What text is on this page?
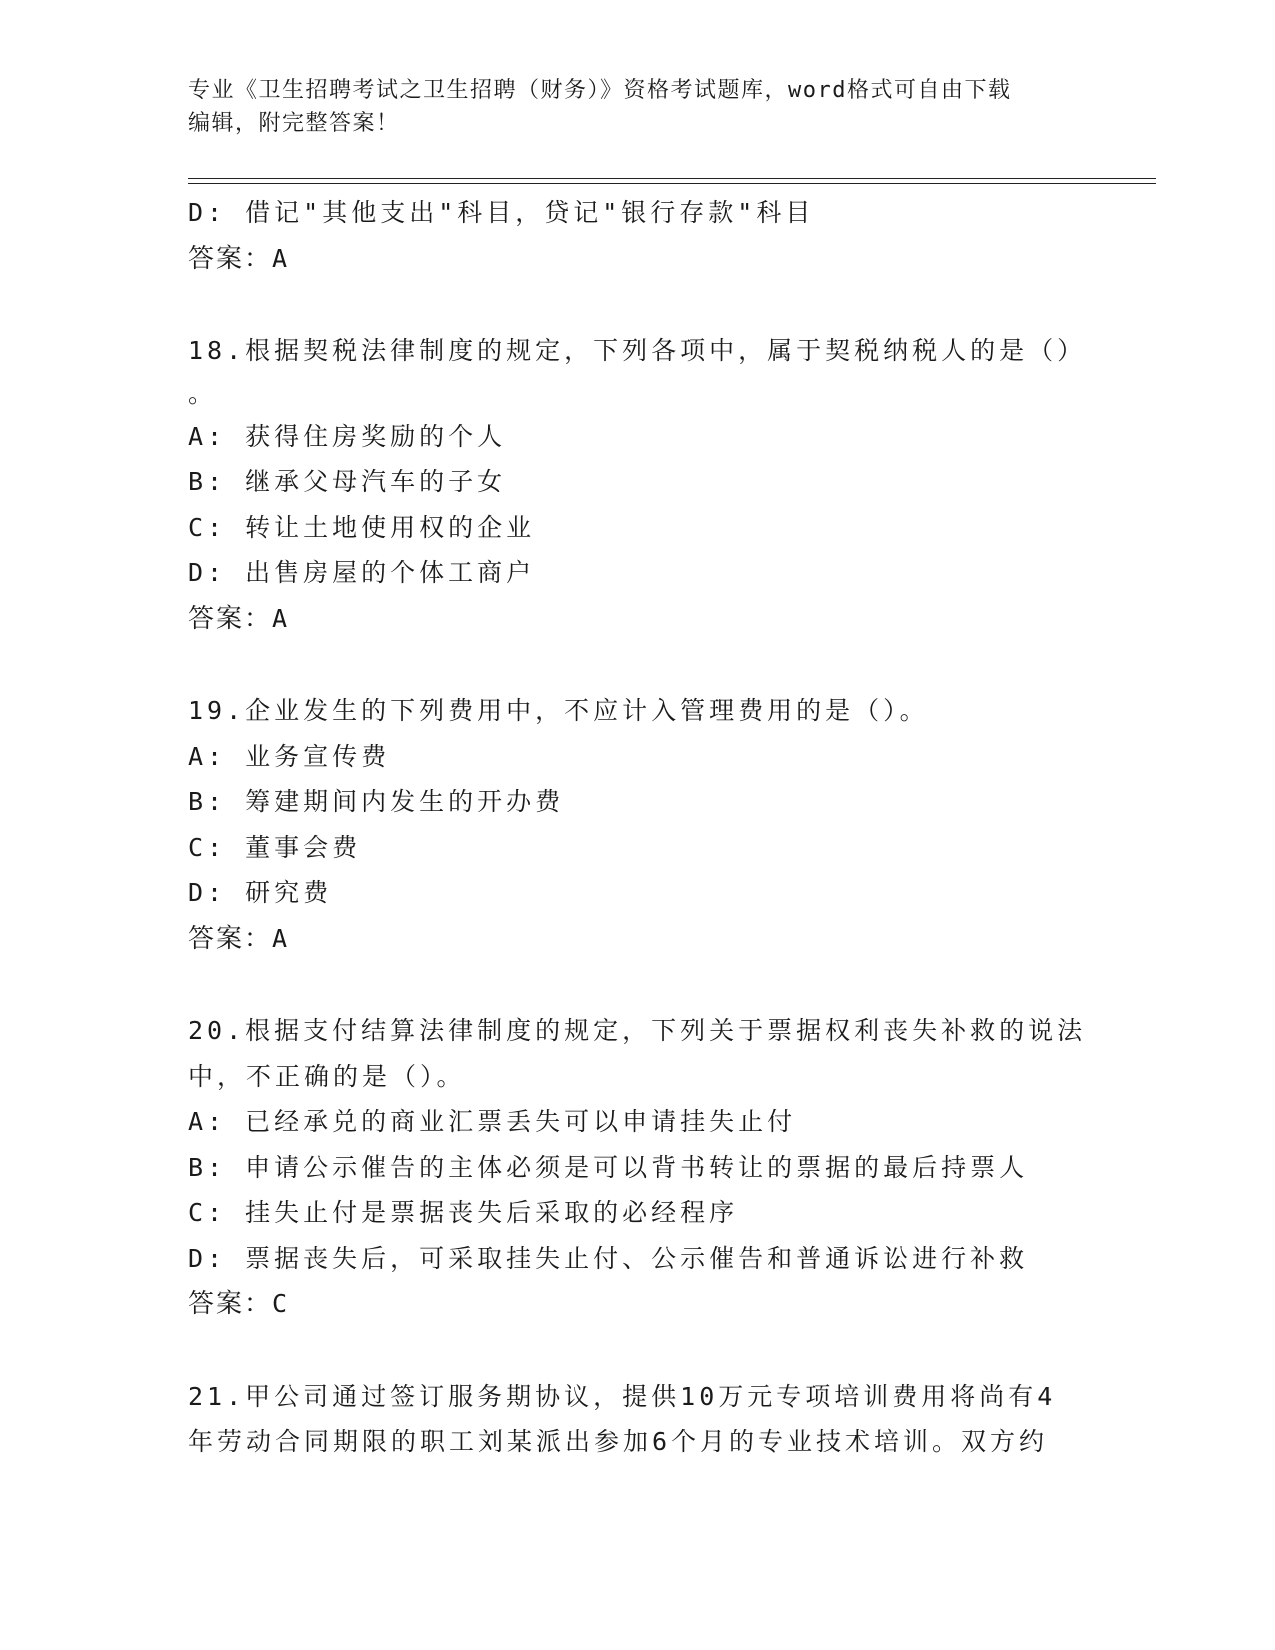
专业《卫生招聘考试之卫生招聘（财务）》资格考试题库，word格式可自由下载
编辑，附完整答案！

D: 借记"其他支出"科目，贷记"银行存款"科目

答案：A

18.根据契税法律制度的规定，下列各项中，属于契税纳税人的是（）

。

A: 获得住房奖励的个人

B: 继承父母汽车的子女

C: 转让土地使用权的企业

D: 出售房屋的个体工商户

答案：A

19.企业发生的下列费用中，不应计入管理费用的是（）。

A: 业务宣传费

B: 筹建期间内发生的开办费

C: 董事会费

D: 研究费

答案：A

20.根据支付结算法律制度的规定，下列关于票据权利丧失补救的说法

中，不正确的是（）。

A: 已经承兑的商业汇票丢失可以申请挂失止付

B: 申请公示催告的主体必须是可以背书转让的票据的最后持票人

C: 挂失止付是票据丧失后采取的必经程序

D: 票据丧失后，可采取挂失止付、公示催告和普通诉讼进行补救

答案：C

21.甲公司通过签订服务期协议，提供10万元专项培训费用将尚有4

年劳动合同期限的职工刘某派出参加6个月的专业技术培训。双方约
